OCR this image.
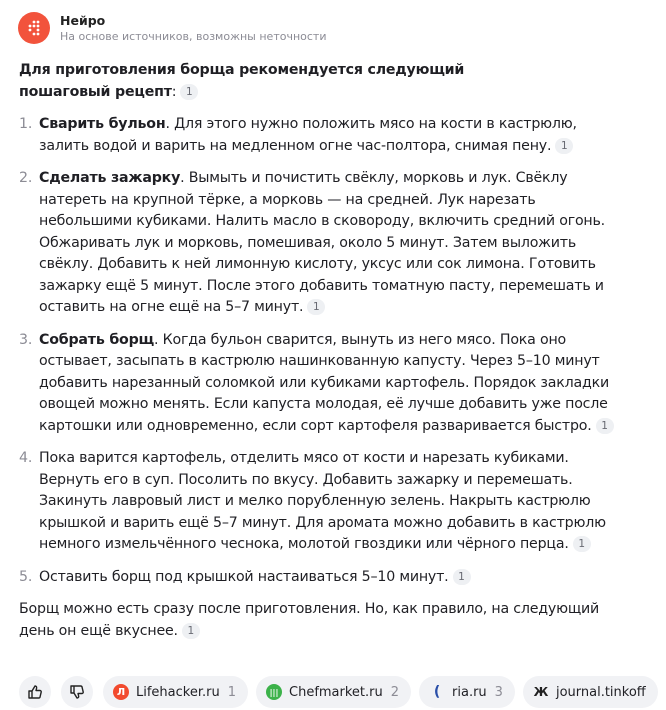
Нейро
На основе источников, возможны неточности

Для приготовления борща рекомендуется следующий пошаговый рецепт: 1

1. Сварить бульон. Для этого нужно положить мясо на кости в кастрюлю, залить водой и варить на медленном огне час-полтора, снимая пену. 1
2. Сделать зажарку. Вымыть и почистить свёклу, морковь и лук. Свёклу натереть на крупной тёрке, а морковь — на средней. Лук нарезать небольшими кубиками. Налить масло в сковороду, включить средний огонь. Обжаривать лук и морковь, помешивая, около 5 минут. Затем выложить свёклу. Добавить к ней лимонную кислоту, уксус или сок лимона. Готовить зажарку ещё 5 минут. После этого добавить томатную пасту, перемешать и оставить на огне ещё на 5–7 минут. 1
3. Собрать борщ. Когда бульон сварится, вынуть из него мясо. Пока оно остывает, засыпать в кастрюлю нашинкованную капусту. Через 5–10 минут добавить нарезанный соломкой или кубиками картофель. Порядок закладки овощей можно менять. Если капуста молодая, её лучше добавить уже после картошки или одновременно, если сорт картофеля разваривается быстро. 1
4. Пока варится картофель, отделить мясо от кости и нарезать кубиками. Вернуть его в суп. Посолить по вкусу. Добавить зажарку и перемешать. Закинуть лавровый лист и мелко порубленную зелень. Накрыть кастрюлю крышкой и варить ещё 5–7 минут. Для аромата можно добавить в кастрюлю немного измельчённого чеснока, молотой гвоздики или чёрного перца. 1
5. Оставить борщ под крышкой настаиваться 5–10 минут. 1

Борщ можно есть сразу после приготовления. Но, как правило, на следующий день он ещё вкуснее. 1

Л Lifehacker.ru 1	||| Chefmarket.ru 2	( ria.ru 3	Ж journal.tinkoff
